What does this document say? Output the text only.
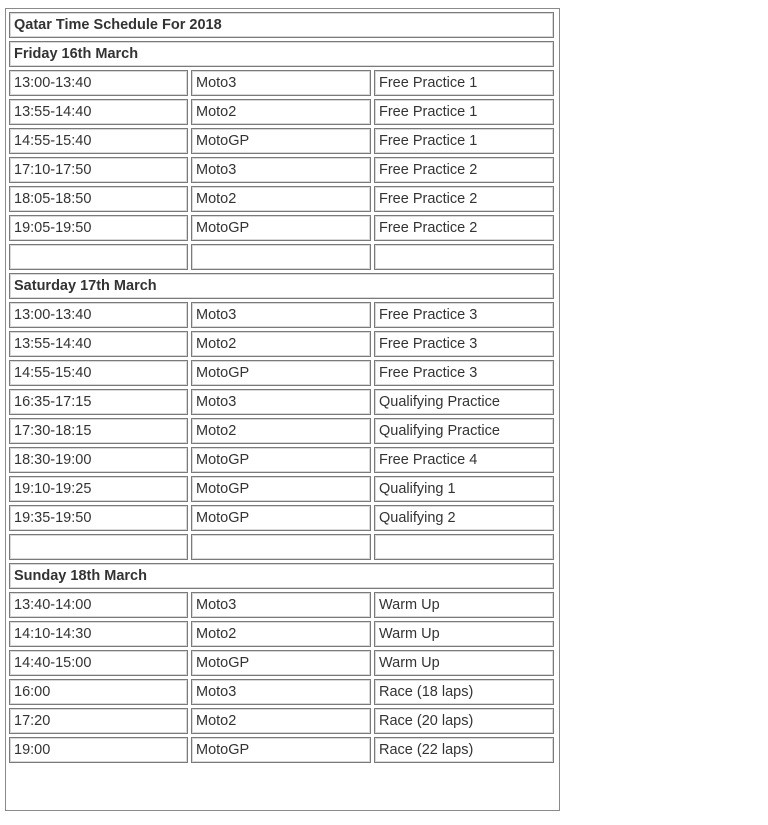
Qatar Time Schedule For 2018		
Friday 16th March		
13:00-13:40	Moto3	Free Practice 1
13:55-14:40	Moto2	Free Practice 1
14:55-15:40	MotoGP	Free Practice 1
17:10-17:50	Moto3	Free Practice 2
18:05-18:50	Moto2	Free Practice 2
19:05-19:50	MotoGP	Free Practice 2

Saturday 17th March		
13:00-13:40	Moto3	Free Practice 3
13:55-14:40	Moto2	Free Practice 3
14:55-15:40	MotoGP	Free Practice 3
16:35-17:15	Moto3	Qualifying Practice
17:30-18:15	Moto2	Qualifying Practice
18:30-19:00	MotoGP	Free Practice 4
19:10-19:25	MotoGP	Qualifying 1
19:35-19:50	MotoGP	Qualifying 2

Sunday 18th March		
13:40-14:00	Moto3	Warm Up
14:10-14:30	Moto2	Warm Up
14:40-15:00	MotoGP	Warm Up
16:00	Moto3	Race (18 laps)
17:20	Moto2	Race (20 laps)
19:00	MotoGP	Race (22 laps)
